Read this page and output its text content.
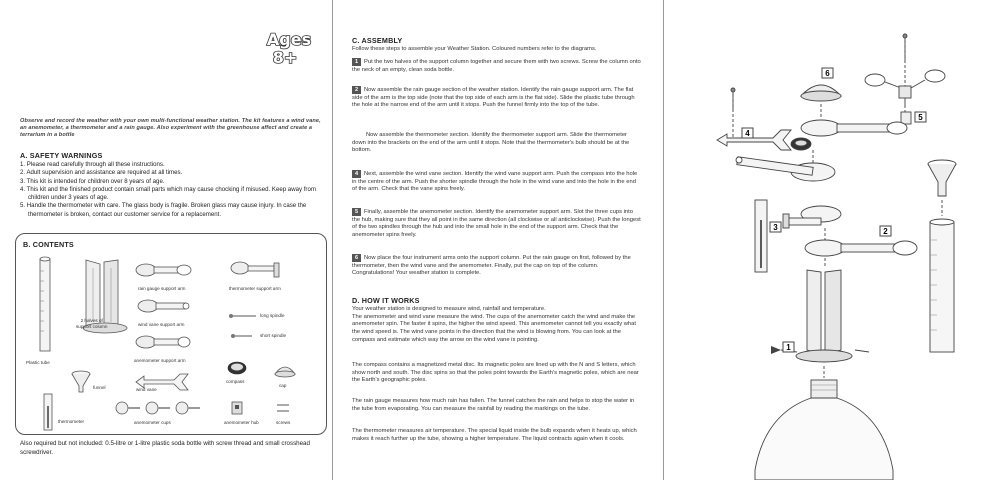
Ages
8+
Observe and record the weather with your own multi-functional weather station. The kit features a wind vane, an anemometer, a thermometer and a rain gauge. Also experiment with the greenhouse affect and create a terrarium in a bottle
A. SAFETY WARNINGS
1. Please read carefully through all these instructions.
2. Adult supervision and assistance are required at all times.
3. This kit is intended for children over 8 years of age.
4. This kit and the finished product contain small parts which may cause chocking if misused. Keep away from children under 3 years of age.
5. Handle the thermometer with care. The glass body is fragile. Broken glass may cause injury. In case the thermometer is broken, contact our customer service for a replacement.
B. CONTENTS
Plastic tube
2 halves of
support column
rain gauge support arm	thermometer support arm
wind vane support arm
long spindle
short spindle
anemometer support arm
compass
cap
funnel	wind vane
thermometer	anemometer cups	anemometer hub	screws
Also required but not included: 0.5-litre or 1-litre plastic soda bottle with screw thread and small crosshead screwdriver.
C. ASSEMBLY
Follow these steps to assemble your Weather Station. Coloured numbers refer to the diagrams.
1 Put the two halves of the support column together and secure them with two screws. Screw the column onto the neck of an empty, clean soda bottle.
2 Now assemble the rain gauge section of the weather station. Identify the rain gauge support arm. The flat side of the arm is the top side (note that the top side of each arm is the flat side). Slide the plastic tube through the hole at the narrow end of the arm until it stops. Push the funnel firmly into the top of the tube.
Now assemble the thermometer section. Identify the thermometer support arm. Slide the thermometer down into the brackets on the end of the arm until it stops. Note that the thermometer's bulb should be at the bottom.
4 Next, assemble the wind vane section. Identify the wind vane support arm. Push the compass into the hole in the centre of the arm. Push the shorter spindle through the hole in the wind vane and into the hole in the end of the arm. Check that the vane spins freely.
5 Finally, assemble the anemometer section. Identify the anemometer support arm. Slot the three cups into the hub, making sure that they all point in the same direction (all clockwise or all anticlockwise). Push the longest of the two spindles through the hub and into the small hole in the end of the support arm. Check that the anemometer spins freely.
6 Now place the four instrument arms onto the support column. Put the rain gauge on first, followed by the thermometer, then the wind vane and the anemometer. Finally, put the cap on top of the column. Congratulations! Your weather station is complete.
D. HOW IT WORKS
Your weather station is designed to measure wind, rainfall and temperature.
The anemometer and wind vane measure the wind. The cups of the anemometer catch the wind and make the anemometer spin. The faster it spins, the higher the wind speed. This anemometer cannot tell you exactly what the wind speed is. The wind vane points in the direction that the wind is blowing from. You can look at the compass and estimate which way the arrow on the wind vane is pointing.
The compass contains a magnetized metal disc. Its magnetic poles are lined up with the N and S letters, which show north and south. The disc spins so that the poles point towards the Earth's magnetic poles, which are near the Earth's geographic poles.
The rain gauge measures how much rain has fallen. The funnel catches the rain and helps to stop the water in the tube from evaporating. You can measure the rainfall by reading the markings on the tube.
The thermometer measures air temperature. The special liquid inside the bulb expands when it heats up, which makes it reach further up the tube, showing a higher temperature. The liquid contracts again when it cools.
1
2
3
4
5
6
